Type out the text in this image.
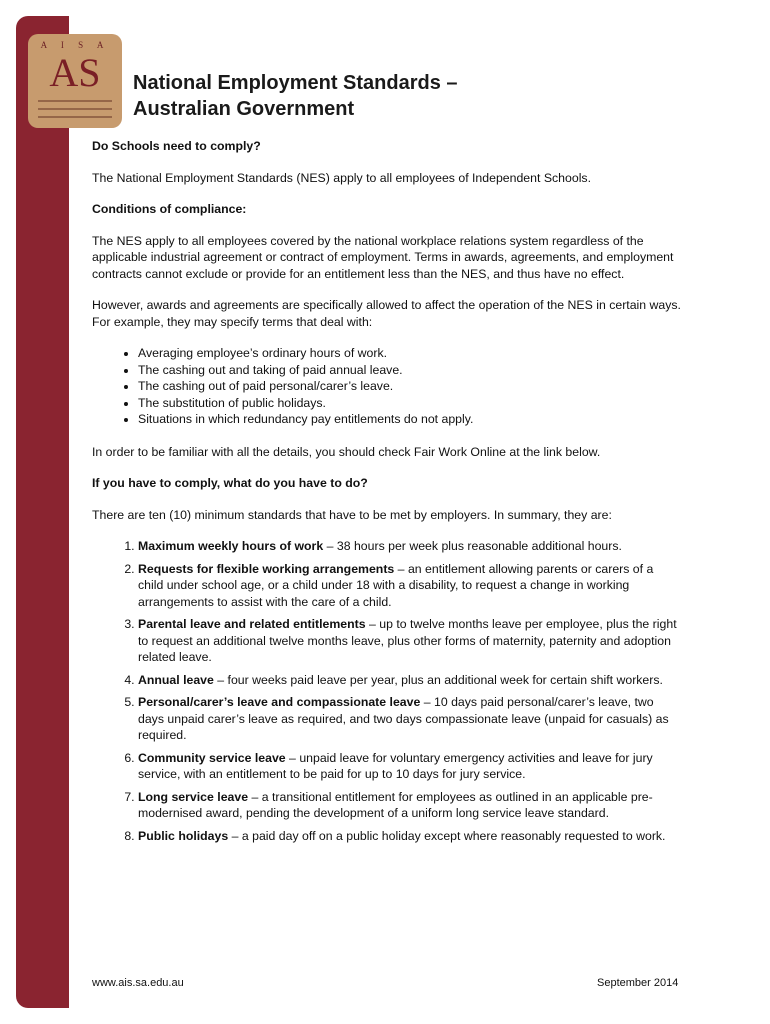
A I S A
AS	National Employment Standards –
Australian Government

Do Schools need to comply?

The National Employment Standards (NES) apply to all employees of Independent Schools.

Conditions of compliance:

The NES apply to all employees covered by the national workplace relations system regardless of the applicable industrial agreement or contract of employment. Terms in awards, agreements, and employment contracts cannot exclude or provide for an entitlement less than the NES, and thus have no effect.

However, awards and agreements are specifically allowed to affect the operation of the NES in certain ways. For example, they may specify terms that deal with:

• Averaging employee’s ordinary hours of work.
• The cashing out and taking of paid annual leave.
• The cashing out of paid personal/carer’s leave.
• The substitution of public holidays.
• Situations in which redundancy pay entitlements do not apply.

In order to be familiar with all the details, you should check Fair Work Online at the link below.

If you have to comply, what do you have to do?

There are ten (10) minimum standards that have to be met by employers. In summary, they are:

1. Maximum weekly hours of work – 38 hours per week plus reasonable additional hours.
2. Requests for flexible working arrangements – an entitlement allowing parents or carers of a child under school age, or a child under 18 with a disability, to request a change in working arrangements to assist with the care of a child.
3. Parental leave and related entitlements – up to twelve months leave per employee, plus the right to request an additional twelve months leave, plus other forms of maternity, paternity and adoption related leave.
4. Annual leave – four weeks paid leave per year, plus an additional week for certain shift workers.
5. Personal/carer’s leave and compassionate leave – 10 days paid personal/carer’s leave, two days unpaid carer’s leave as required, and two days compassionate leave (unpaid for casuals) as required.
6. Community service leave – unpaid leave for voluntary emergency activities and leave for jury service, with an entitlement to be paid for up to 10 days for jury service.
7. Long service leave – a transitional entitlement for employees as outlined in an applicable pre-modernised award, pending the development of a uniform long service leave standard.
8. Public holidays – a paid day off on a public holiday except where reasonably requested to work.
www.ais.sa.edu.au	September 2014
